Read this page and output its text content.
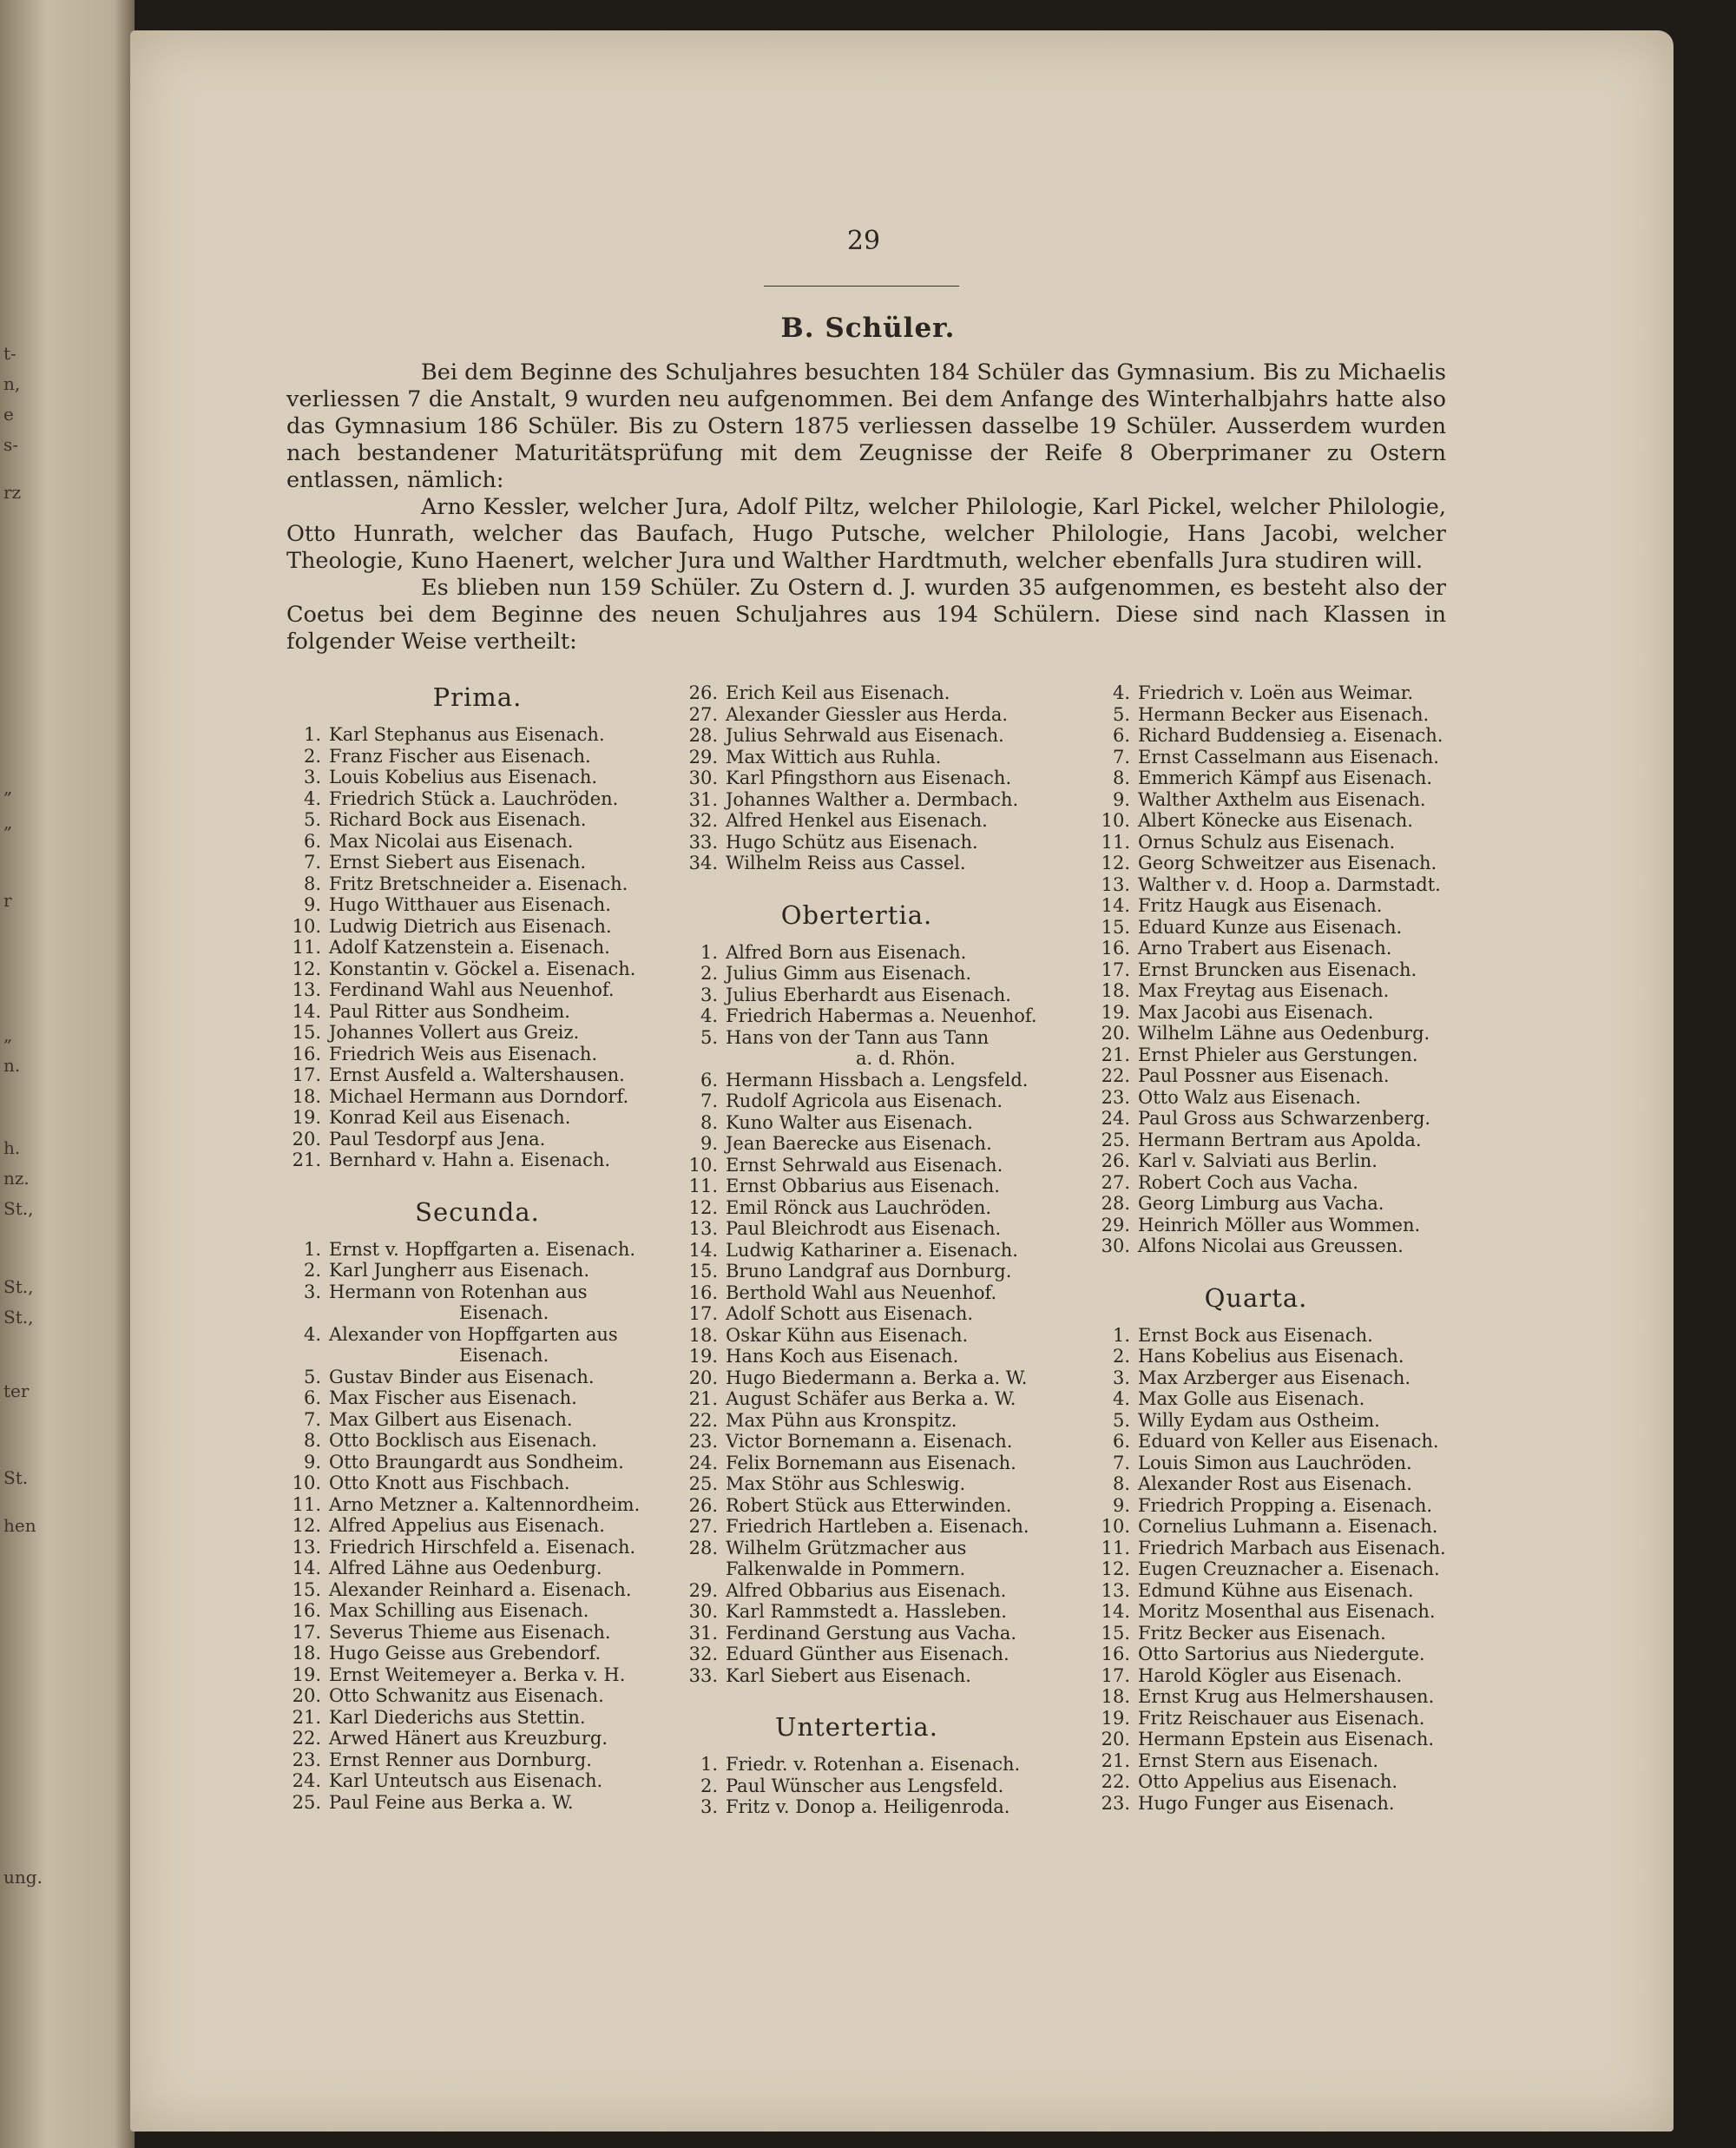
t-
n,
e
s-
rz
„
„
r
„
n.
h.
nz.
St.,
St.,
St.,
ter
St.
hen
ung.
29
B. Schüler.

Bei dem Beginne des Schuljahres besuchten 184 Schüler das Gymnasium. Bis zu Michaelis verliessen 7 die Anstalt, 9 wurden neu aufgenommen. Bei dem Anfange des Winterhalbjahrs hatte also das Gymnasium 186 Schüler. Bis zu Ostern 1875 verliessen dasselbe 19 Schüler. Ausserdem wurden nach bestandener Maturitätsprüfung mit dem Zeugnisse der Reife 8 Oberprimaner zu Ostern entlassen, nämlich:

Arno Kessler, welcher Jura, Adolf Piltz, welcher Philologie, Karl Pickel, welcher Philologie, Otto Hunrath, welcher das Baufach, Hugo Putsche, welcher Philologie, Hans Jacobi, welcher Theologie, Kuno Haenert, welcher Jura und Walther Hardtmuth, welcher ebenfalls Jura studiren will.

Es blieben nun 159 Schüler. Zu Ostern d. J. wurden 35 aufgenommen, es besteht also der Coetus bei dem Beginne des neuen Schuljahres aus 194 Schülern. Diese sind nach Klassen in folgender Weise vertheilt:

Prima.
1. Karl Stephanus aus Eisenach.
2. Franz Fischer aus Eisenach.
3. Louis Kobelius aus Eisenach.
4. Friedrich Stück a. Lauchröden.
5. Richard Bock aus Eisenach.
6. Max Nicolai aus Eisenach.
7. Ernst Siebert aus Eisenach.
8. Fritz Bretschneider a. Eisenach.
9. Hugo Witthauer aus Eisenach.
10. Ludwig Dietrich aus Eisenach.
11. Adolf Katzenstein a. Eisenach.
12. Konstantin v. Göckel a. Eisenach.
13. Ferdinand Wahl aus Neuenhof.
14. Paul Ritter aus Sondheim.
15. Johannes Vollert aus Greiz.
16. Friedrich Weis aus Eisenach.
17. Ernst Ausfeld a. Waltershausen.
18. Michael Hermann aus Dorndorf.
19. Konrad Keil aus Eisenach.
20. Paul Tesdorpf aus Jena.
21. Bernhard v. Hahn a. Eisenach.
Secunda.
1. Ernst v. Hopffgarten a. Eisenach.
2. Karl Jungherr aus Eisenach.
3. Hermann von Rotenhan aus
Eisenach.
4. Alexander von Hopffgarten aus
Eisenach.
5. Gustav Binder aus Eisenach.
6. Max Fischer aus Eisenach.
7. Max Gilbert aus Eisenach.
8. Otto Bocklisch aus Eisenach.
9. Otto Braungardt aus Sondheim.
10. Otto Knott aus Fischbach.
11. Arno Metzner a. Kaltennordheim.
12. Alfred Appelius aus Eisenach.
13. Friedrich Hirschfeld a. Eisenach.
14. Alfred Lähne aus Oedenburg.
15. Alexander Reinhard a. Eisenach.
16. Max Schilling aus Eisenach.
17. Severus Thieme aus Eisenach.
18. Hugo Geisse aus Grebendorf.
19. Ernst Weitemeyer a. Berka v. H.
20. Otto Schwanitz aus Eisenach.
21. Karl Diederichs aus Stettin.
22. Arwed Hänert aus Kreuzburg.
23. Ernst Renner aus Dornburg.
24. Karl Unteutsch aus Eisenach.
25. Paul Feine aus Berka a. W.
26. Erich Keil aus Eisenach.
27. Alexander Giessler aus Herda.
28. Julius Sehrwald aus Eisenach.
29. Max Wittich aus Ruhla.
30. Karl Pfingsthorn aus Eisenach.
31. Johannes Walther a. Dermbach.
32. Alfred Henkel aus Eisenach.
33. Hugo Schütz aus Eisenach.
34. Wilhelm Reiss aus Cassel.
Obertertia.
1. Alfred Born aus Eisenach.
2. Julius Gimm aus Eisenach.
3. Julius Eberhardt aus Eisenach.
4. Friedrich Habermas a. Neuenhof.
5. Hans von der Tann aus Tann
a. d. Rhön.
6. Hermann Hissbach a. Lengsfeld.
7. Rudolf Agricola aus Eisenach.
8. Kuno Walter aus Eisenach.
9. Jean Baerecke aus Eisenach.
10. Ernst Sehrwald aus Eisenach.
11. Ernst Obbarius aus Eisenach.
12. Emil Rönck aus Lauchröden.
13. Paul Bleichrodt aus Eisenach.
14. Ludwig Kathariner a. Eisenach.
15. Bruno Landgraf aus Dornburg.
16. Berthold Wahl aus Neuenhof.
17. Adolf Schott aus Eisenach.
18. Oskar Kühn aus Eisenach.
19. Hans Koch aus Eisenach.
20. Hugo Biedermann a. Berka a. W.
21. August Schäfer aus Berka a. W.
22. Max Pühn aus Kronspitz.
23. Victor Bornemann a. Eisenach.
24. Felix Bornemann aus Eisenach.
25. Max Stöhr aus Schleswig.
26. Robert Stück aus Etterwinden.
27. Friedrich Hartleben a. Eisenach.
28. Wilhelm Grützmacher aus Falkenwalde in Pommern.
29. Alfred Obbarius aus Eisenach.
30. Karl Rammstedt a. Hassleben.
31. Ferdinand Gerstung aus Vacha.
32. Eduard Günther aus Eisenach.
33. Karl Siebert aus Eisenach.
Untertertia.
1. Friedr. v. Rotenhan a. Eisenach.
2. Paul Wünscher aus Lengsfeld.
3. Fritz v. Donop a. Heiligenroda.
4. Friedrich v. Loën aus Weimar.
5. Hermann Becker aus Eisenach.
6. Richard Buddensieg a. Eisenach.
7. Ernst Casselmann aus Eisenach.
8. Emmerich Kämpf aus Eisenach.
9. Walther Axthelm aus Eisenach.
10. Albert Könecke aus Eisenach.
11. Ornus Schulz aus Eisenach.
12. Georg Schweitzer aus Eisenach.
13. Walther v. d. Hoop a. Darmstadt.
14. Fritz Haugk aus Eisenach.
15. Eduard Kunze aus Eisenach.
16. Arno Trabert aus Eisenach.
17. Ernst Bruncken aus Eisenach.
18. Max Freytag aus Eisenach.
19. Max Jacobi aus Eisenach.
20. Wilhelm Lähne aus Oedenburg.
21. Ernst Phieler aus Gerstungen.
22. Paul Possner aus Eisenach.
23. Otto Walz aus Eisenach.
24. Paul Gross aus Schwarzenberg.
25. Hermann Bertram aus Apolda.
26. Karl v. Salviati aus Berlin.
27. Robert Coch aus Vacha.
28. Georg Limburg aus Vacha.
29. Heinrich Möller aus Wommen.
30. Alfons Nicolai aus Greussen.
Quarta.
1. Ernst Bock aus Eisenach.
2. Hans Kobelius aus Eisenach.
3. Max Arzberger aus Eisenach.
4. Max Golle aus Eisenach.
5. Willy Eydam aus Ostheim.
6. Eduard von Keller aus Eisenach.
7. Louis Simon aus Lauchröden.
8. Alexander Rost aus Eisenach.
9. Friedrich Propping a. Eisenach.
10. Cornelius Luhmann a. Eisenach.
11. Friedrich Marbach aus Eisenach.
12. Eugen Creuznacher a. Eisenach.
13. Edmund Kühne aus Eisenach.
14. Moritz Mosenthal aus Eisenach.
15. Fritz Becker aus Eisenach.
16. Otto Sartorius aus Niedergute.
17. Harold Kögler aus Eisenach.
18. Ernst Krug aus Helmershausen.
19. Fritz Reischauer aus Eisenach.
20. Hermann Epstein aus Eisenach.
21. Ernst Stern aus Eisenach.
22. Otto Appelius aus Eisenach.
23. Hugo Funger aus Eisenach.
